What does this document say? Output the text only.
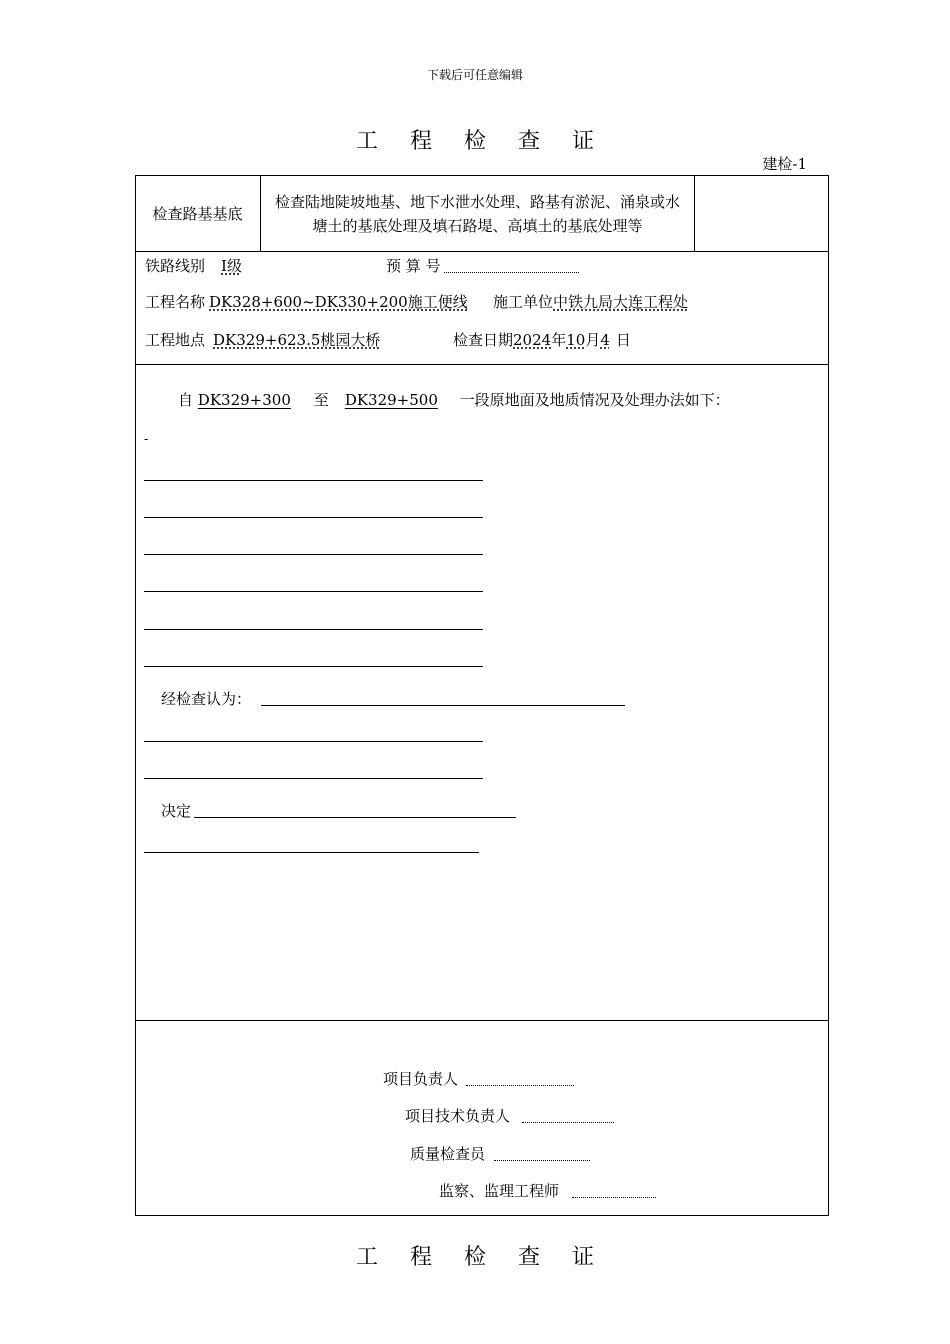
下载后可任意编辑
工 程 检 查 证
建检-1
检查路基基底
检查陆地陡坡地基、地下水泄水处理、路基有淤泥、涌泉或水塘土的基底处理及填石路堤、高填土的基底处理等
铁路线别 Ⅰ级	预 算 号
工程名称 DK328+600~DK330+200施工便线 施工单位中铁九局大连工程处
工程地点 DK329+623.5桃园大桥	检查日期2024年10月4 日
自 DK329+300 至 DK329+500 一段原地面及地质情况及处理办法如下：
-
经检查认为：
决定
项目负责人
项目技术负责人
质量检查员
监察、监理工程师
工 程 检 查 证
